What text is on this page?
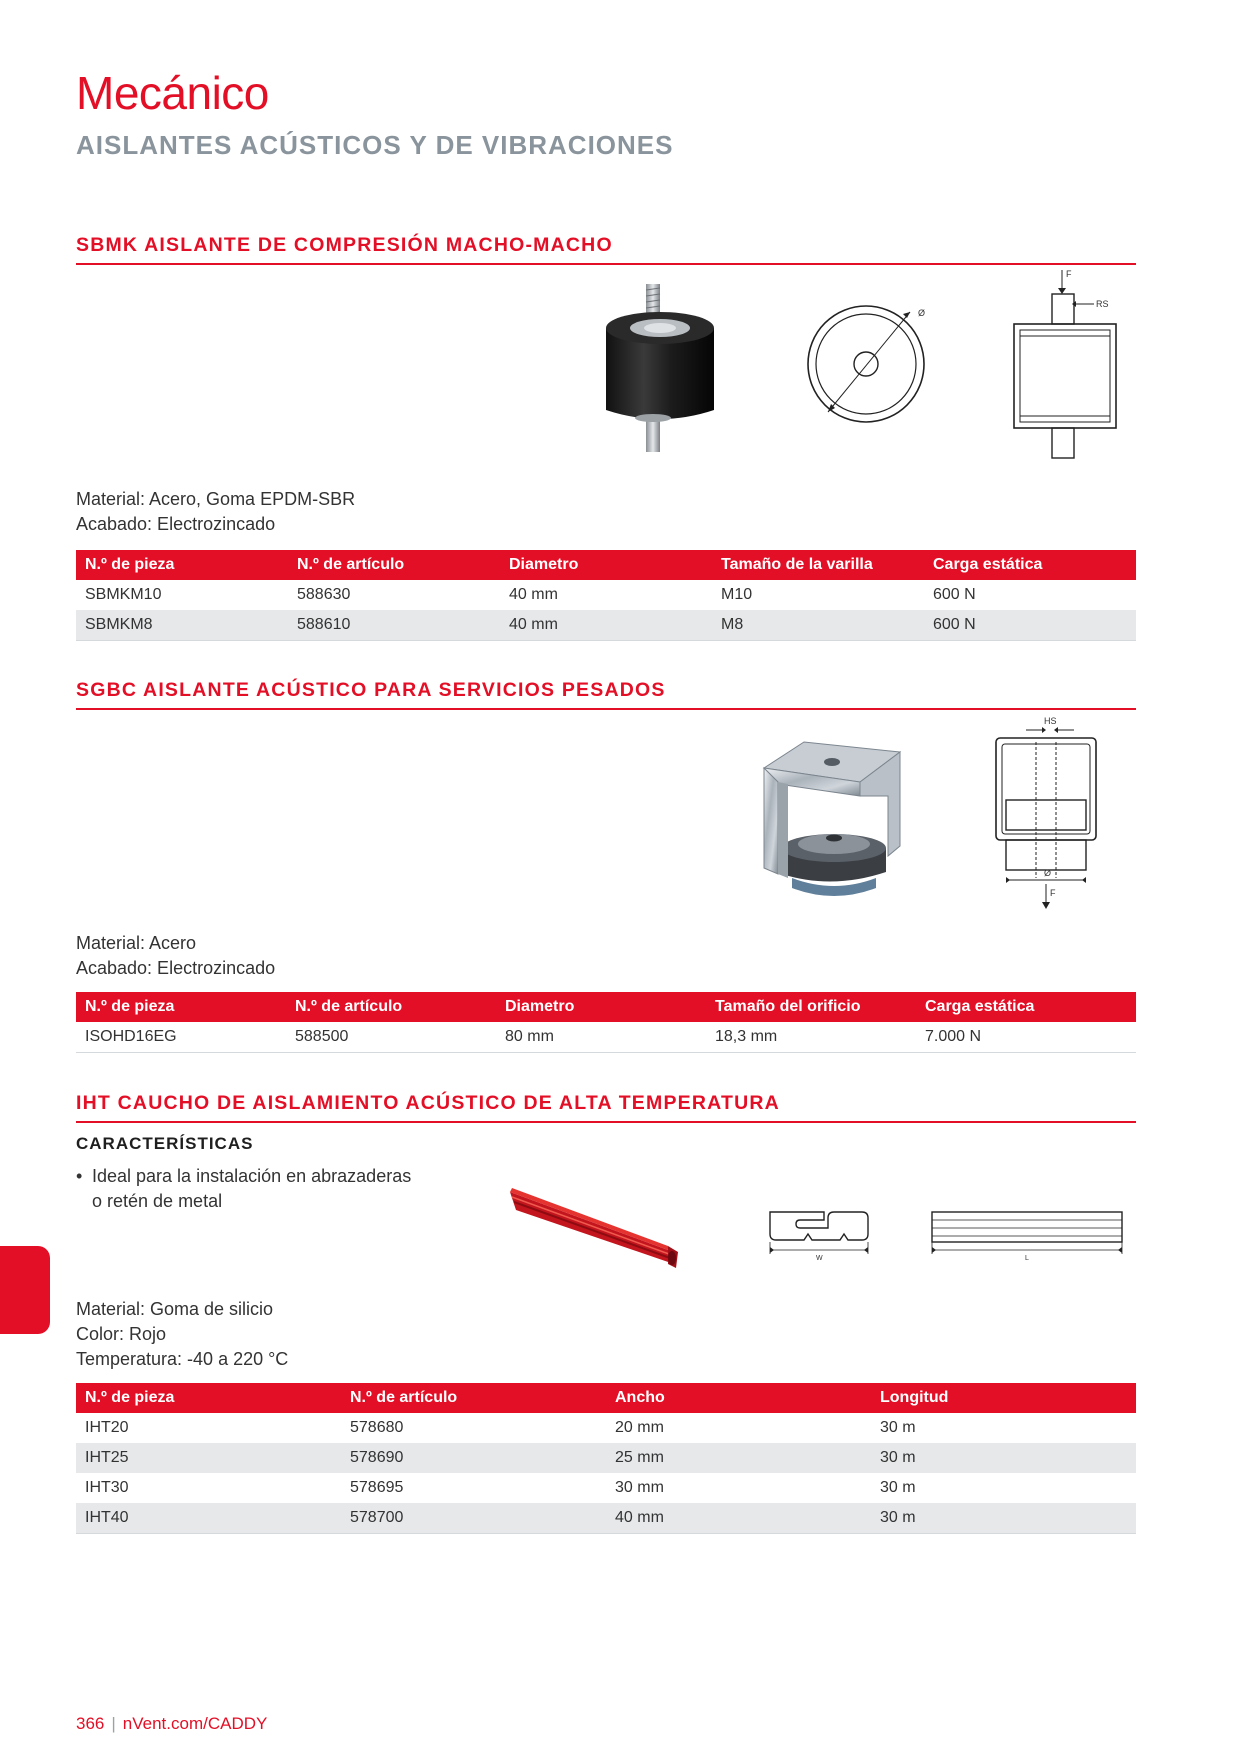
Mecánico
AISLANTES ACÚSTICOS Y DE VIBRACIONES
SBMK AISLANTE DE COMPRESIÓN MACHO-MACHO
Ø
F
RS
Material: Acero, Goma EPDM-SBR
Acabado: Electrozincado
N.º de pieza	N.º de artículo	Diametro	Tamaño de la varilla	Carga estática
SBMKM10	588630	40 mm	M10	600 N
SBMKM8	588610	40 mm	M8	600 N
SGBC AISLANTE ACÚSTICO PARA SERVICIOS PESADOS
HS
Ø
F
Material: Acero
Acabado: Electrozincado
N.º de pieza	N.º de artículo	Diametro	Tamaño del orificio	Carga estática
ISOHD16EG	588500	80 mm	18,3 mm	7.000 N
IHT CAUCHO DE AISLAMIENTO ACÚSTICO DE ALTA TEMPERATURA
CARACTERÍSTICAS
• Ideal para la instalación en abrazaderas
o retén de metal
W	L
Material: Goma de silicio
Color: Rojo
Temperatura: -40 a 220 °C
N.º de pieza	N.º de artículo	Ancho	Longitud
IHT20	578680	20 mm	30 m
IHT25	578690	25 mm	30 m
IHT30	578695	30 mm	30 m
IHT40	578700	40 mm	30 m
366 | nVent.com/CADDY
